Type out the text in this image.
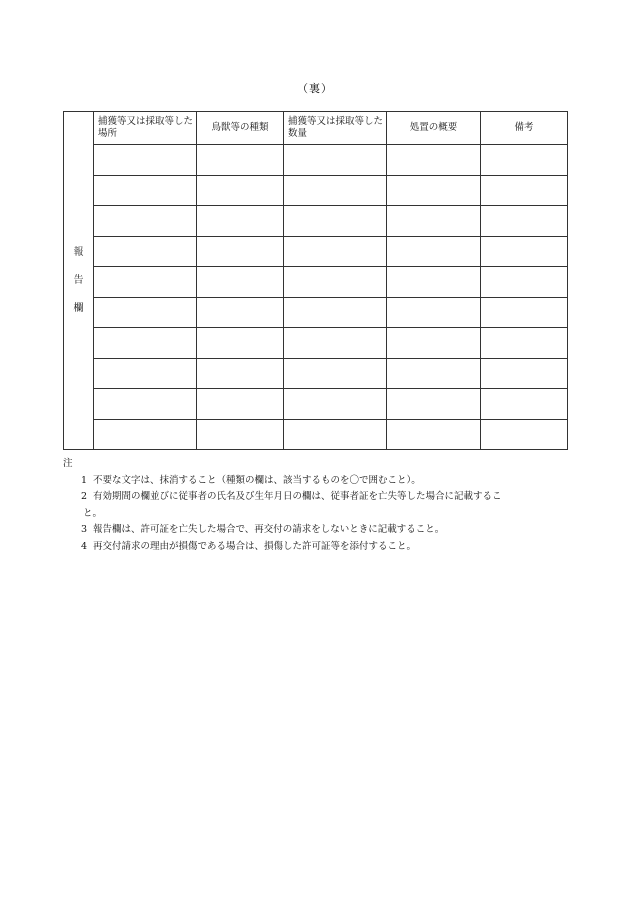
（裏）
報
告
欄	捕獲等又は採取等した場所	鳥獣等の種類	捕獲等又は採取等した数量	処置の概要	備考

注
1 不要な文字は、抹消すること（種類の欄は、該当するものを〇で囲むこと）。
2 有効期間の欄並びに従事者の氏名及び生年月日の欄は、従事者証を亡失等した場合に記載するこ
と。
3 報告欄は、許可証を亡失した場合で、再交付の請求をしないときに記載すること。
4 再交付請求の理由が損傷である場合は、損傷した許可証等を添付すること。
